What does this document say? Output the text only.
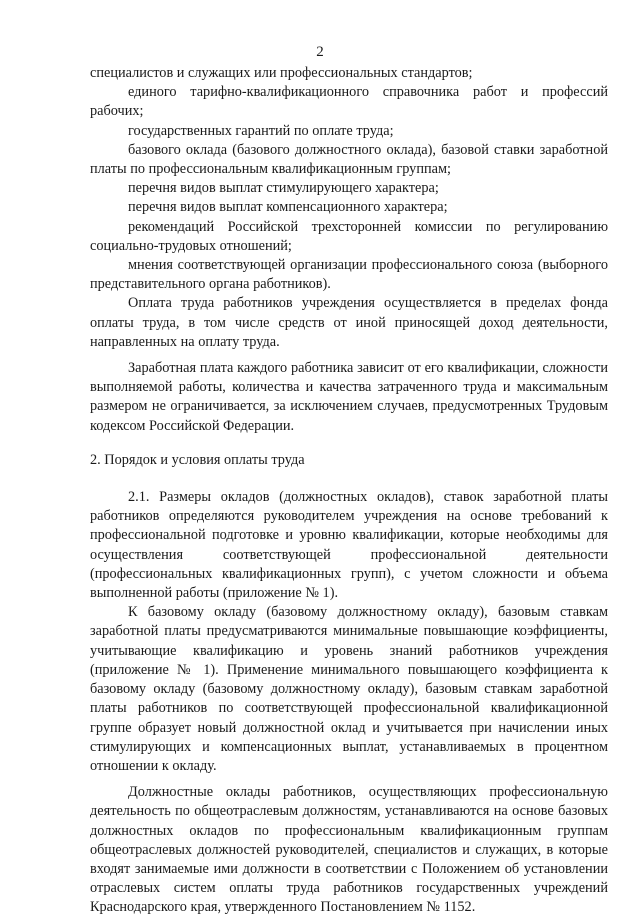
2

специалистов и служащих или профессиональных стандартов;

единого тарифно-квалификационного справочника работ и профессий рабочих;

государственных гарантий по оплате труда;

базового оклада (базового должностного оклада), базовой ставки заработной платы по профессиональным квалификационным группам;

перечня видов выплат стимулирующего характера;

перечня видов выплат компенсационного характера;

рекомендаций Российской трехсторонней комиссии по регулированию социально-трудовых отношений;

мнения соответствующей организации профессионального союза (выборного представительного органа работников).

Оплата труда работников учреждения осуществляется в пределах фонда оплаты труда, в том числе средств от иной приносящей доход деятельности, направленных на оплату труда.

Заработная плата каждого работника зависит от его квалификации, сложности выполняемой работы, количества и качества затраченного труда и максимальным размером не ограничивается, за исключением случаев, предусмотренных Трудовым кодексом Российской Федерации.

2. Порядок и условия оплаты труда

2.1. Размеры окладов (должностных окладов), ставок заработной платы работников определяются руководителем учреждения на основе требований к профессиональной подготовке и уровню квалификации, которые необходимы для осуществления соответствующей профессиональной деятельности (профессиональных квалификационных групп), с учетом сложности и объема выполненной работы (приложение № 1).

К базовому окладу (базовому должностному окладу), базовым ставкам заработной платы предусматриваются минимальные повышающие коэффициенты, учитывающие квалификацию и уровень знаний работников учреждения (приложение № 1). Применение минимального повышающего коэффициента к базовому окладу (базовому должностному окладу), базовым ставкам заработной платы работников по соответствующей профессиональной квалификационной группе образует новый должностной оклад и учитывается при начислении иных стимулирующих и компенсационных выплат, устанавливаемых в процентном отношении к окладу.

Должностные оклады работников, осуществляющих профессиональную деятельность по общеотраслевым должностям, устанавливаются на основе базовых должностных окладов по профессиональным квалификационным группам общеотраслевых должностей руководителей, специалистов и служащих, в которые входят занимаемые ими должности в соответствии с Положением об установлении отраслевых систем оплаты труда работников государственных учреждений Краснодарского края, утвержденного Постановлением № 1152.
